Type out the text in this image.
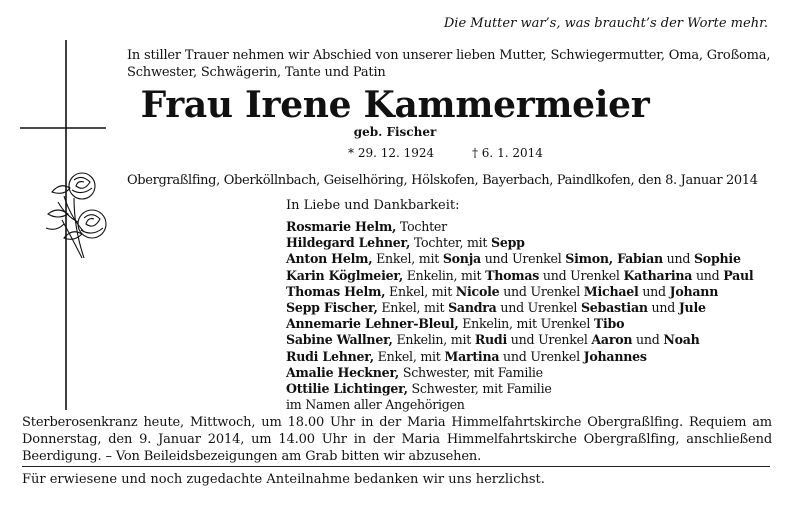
Die Mutter war’s, was braucht’s der Worte mehr.
In stiller Trauer nehmen wir Abschied von unserer lieben Mutter, Schwiegermutter, Oma, Großoma, Schwester, Schwägerin, Tante und Patin
Frau Irene Kammermeier
geb. Fischer
* 29. 12. 1924	† 6. 1. 2014
Obergraßlfing, Oberköllnbach, Geiselhöring, Hölskofen, Bayerbach, Paindlkofen, den 8. Januar 2014
In Liebe und Dankbarkeit:
Rosmarie Helm, Tochter
Hildegard Lehner, Tochter, mit Sepp
Anton Helm, Enkel, mit Sonja und Urenkel Simon, Fabian und Sophie
Karin Köglmeier, Enkelin, mit Thomas und Urenkel Katharina und Paul
Thomas Helm, Enkel, mit Nicole und Urenkel Michael und Johann
Sepp Fischer, Enkel, mit Sandra und Urenkel Sebastian und Jule
Annemarie Lehner-Bleul, Enkelin, mit Urenkel Tibo
Sabine Wallner, Enkelin, mit Rudi und Urenkel Aaron und Noah
Rudi Lehner, Enkel, mit Martina und Urenkel Johannes
Amalie Heckner, Schwester, mit Familie
Ottilie Lichtinger, Schwester, mit Familie
im Namen aller Angehörigen
Sterberosenkranz heute, Mittwoch, um 18.00 Uhr in der Maria Himmelfahrtskirche Obergraßlfing. Requiem am Donnerstag, den 9. Januar 2014, um 14.00 Uhr in der Maria Himmelfahrtskirche Obergraßlfing, anschließend Beerdigung. – Von Beileidsbezeigungen am Grab bitten wir abzusehen.
Für erwiesene und noch zugedachte Anteilnahme bedanken wir uns herzlichst.
